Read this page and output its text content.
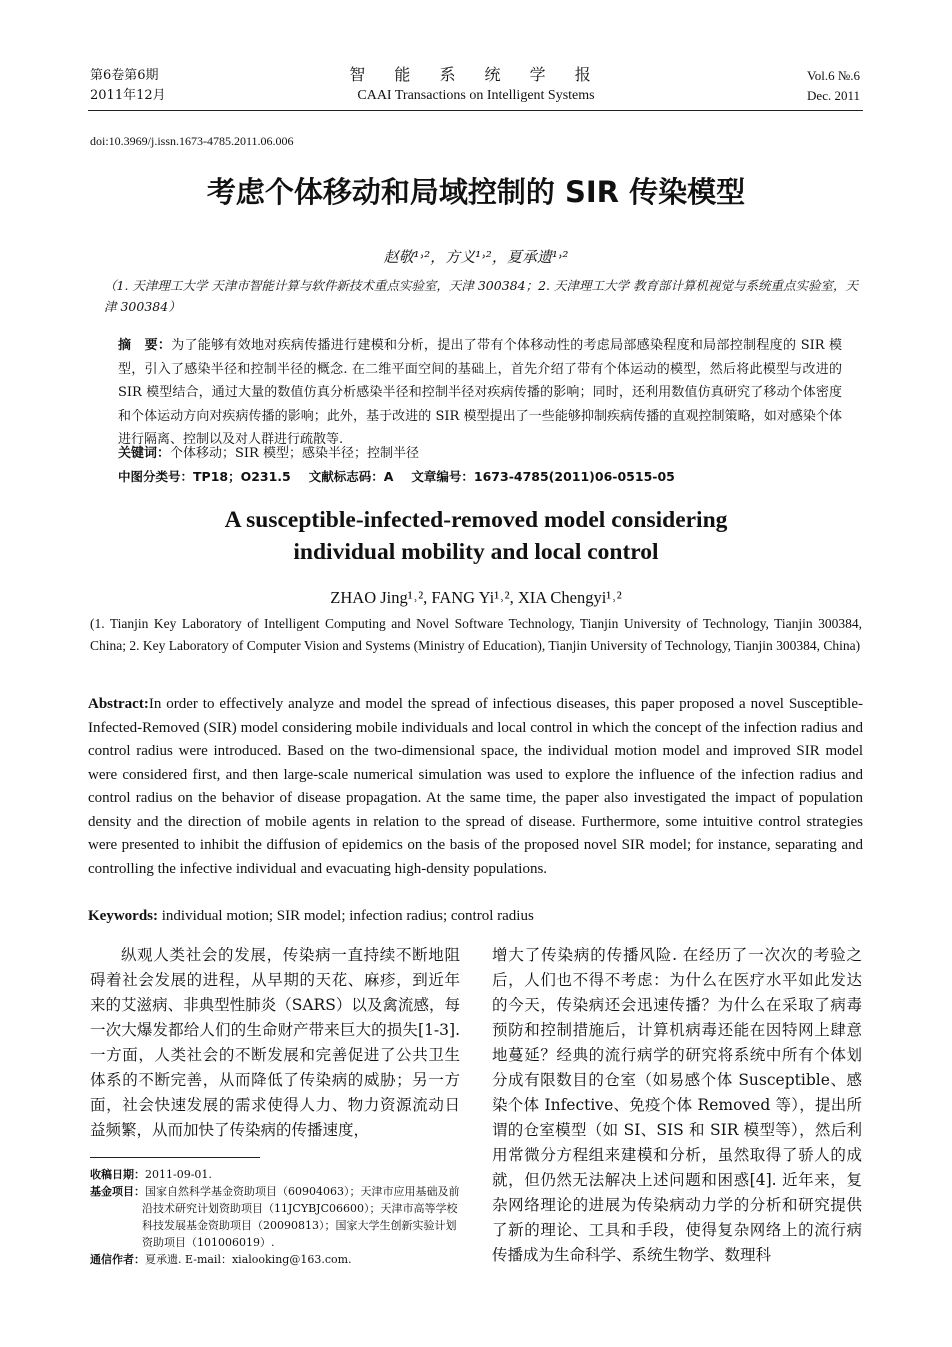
第6卷第6期
2011年12月
智 能 系 统 学 报
CAAI Transactions on Intelligent Systems
Vol.6 №.6
Dec. 2011
doi:10.3969/j.issn.1673-4785.2011.06.006
考虑个体移动和局域控制的 SIR 传染模型
赵敬¹˒²，方义¹˒²，夏承遗¹˒²
（1. 天津理工大学 天津市智能计算与软件新技术重点实验室，天津 300384；2. 天津理工大学 教育部计算机视觉与系统重点实验室，天津 300384）
摘　要：为了能够有效地对疾病传播进行建模和分析，提出了带有个体移动性的考虑局部感染程度和局部控制程度的 SIR 模型，引入了感染半径和控制半径的概念. 在二维平面空间的基础上，首先介绍了带有个体运动的模型，然后将此模型与改进的 SIR 模型结合，通过大量的数值仿真分析感染半径和控制半径对疾病传播的影响；同时，还利用数值仿真研究了移动个体密度和个体运动方向对疾病传播的影响；此外，基于改进的 SIR 模型提出了一些能够抑制疾病传播的直观控制策略，如对感染个体进行隔离、控制以及对人群进行疏散等.
关键词：个体移动；SIR 模型；感染半径；控制半径
中图分类号：TP18；O231.5 文献标志码：A 文章编号：1673-4785(2011)06-0515-05
A susceptible-infected-removed model considering
individual mobility and local control
ZHAO Jing¹˒², FANG Yi¹˒², XIA Chengyi¹˒²
(1. Tianjin Key Laboratory of Intelligent Computing and Novel Software Technology, Tianjin University of Technology, Tianjin 300384, China; 2. Key Laboratory of Computer Vision and Systems (Ministry of Education), Tianjin University of Technology, Tianjin 300384, China)
Abstract:In order to effectively analyze and model the spread of infectious diseases, this paper proposed a novel Susceptible-Infected-Removed (SIR) model considering mobile individuals and local control in which the concept of the infection radius and control radius were introduced. Based on the two-dimensional space, the individual motion model and improved SIR model were considered first, and then large-scale numerical simulation was used to explore the influence of the infection radius and control radius on the behavior of disease propagation. At the same time, the paper also investigated the impact of population density and the direction of mobile agents in relation to the spread of disease. Furthermore, some intuitive control strategies were presented to inhibit the diffusion of epidemics on the basis of the proposed novel SIR model; for instance, separating and controlling the infective individual and evacuating high-density populations.
Keywords: individual motion; SIR model; infection radius; control radius
纵观人类社会的发展，传染病一直持续不断地阻碍着社会发展的进程，从早期的天花、麻疹，到近年来的艾滋病、非典型性肺炎（SARS）以及禽流感，每一次大爆发都给人们的生命财产带来巨大的损失[1-3]. 一方面，人类社会的不断发展和完善促进了公共卫生体系的不断完善，从而降低了传染病的威胁；另一方面，社会快速发展的需求使得人力、物力资源流动日益频繁，从而加快了传染病的传播速度，
增大了传染病的传播风险. 在经历了一次次的考验之后，人们也不得不考虑：为什么在医疗水平如此发达的今天，传染病还会迅速传播？为什么在采取了病毒预防和控制措施后，计算机病毒还能在因特网上肆意地蔓延？经典的流行病学的研究将系统中所有个体划分成有限数目的仓室（如易感个体 Susceptible、感染个体 Infective、免疫个体 Removed 等），提出所谓的仓室模型（如 SI、SIS 和 SIR 模型等），然后利用常微分方程组来建模和分析，虽然取得了骄人的成就，但仍然无法解决上述问题和困惑[4]. 近年来，复杂网络理论的进展为传染病动力学的分析和研究提供了新的理论、工具和手段，使得复杂网络上的流行病传播成为生命科学、系统生物学、数理科
收稿日期：2011-09-01.
基金项目：国家自然科学基金资助项目（60904063）；天津市应用基础及前沿技术研究计划资助项目（11JCYBJC06600）；天津市高等学校科技发展基金资助项目（20090813）；国家大学生创新实验计划资助项目（101006019）.
通信作者：夏承遗. E-mail：xialooking@163.com.
